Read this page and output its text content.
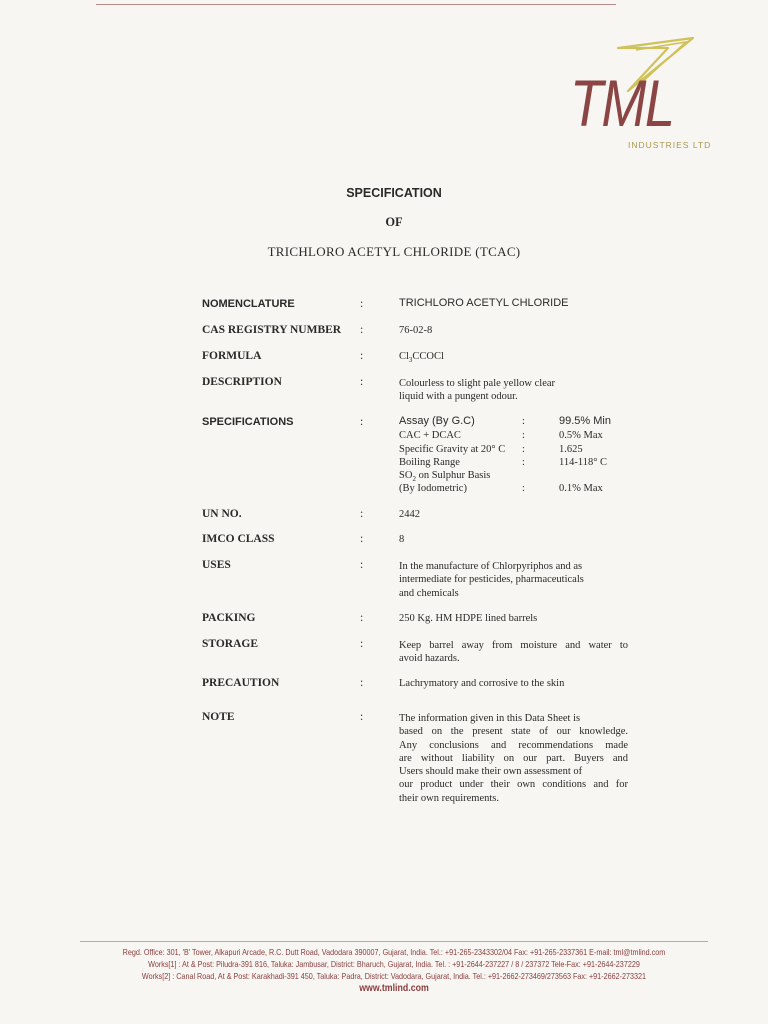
TML
INDUSTRIES LTD
SPECIFICATION
OF
TRICHLORO ACETYL CHLORIDE (TCAC)
NOMENCLATURE	:	TRICHLORO ACETYL CHLORIDE
CAS REGISTRY NUMBER :	76-02-8
FORMULA	:	$Cl_3CCOCl$
DESCRIPTION	:	Colourless to slight pale yellow clear
liquid with a pungent odour.
SPECIFICATIONS	:	Assay (By G.C)	:	99.5% Min
CAC + DCAC	:	0.5% Max
Specific Gravity at 20° C :	1.625
Boiling Range	:	114-118° C
$SO_2$ on Sulphur Basis
(By Iodometric)	:	0.1% Max
UN NO.	:	2442
IMCO CLASS	:	8
USES	:	In the manufacture of Chlorpyriphos and as
intermediate for pesticides, pharmaceuticals
and chemicals
PACKING	:	250 Kg. HM HDPE lined barrels
STORAGE	:	Keep barrel away from moisture and water to
avoid hazards.
PRECAUTION	:	Lachrymatory and corrosive to the skin
NOTE	:	The information given in this Data Sheet is
based on the present state of our knowledge.
Any conclusions and recommendations made
are without liability on our part. Buyers and
Users should make their own assessment of
our product under their own conditions and for
their own requirements.
Regd. Office: 301, 'B' Tower, Alkapuri Arcade, R.C. Dutt Road, Vadodara 390007, Gujarat, India. Tel.: +91-265-2343302/04 Fax: +91-265-2337361 E-mail: tml@tmlind.com
Works[1] : At & Post: Piludra-391 816, Taluka: Jambusar, District: Bharuch, Gujarat, India. Tel. : +91-2644-237227 / 8 / 237372 Tele-Fax: +91-2644-237229
Works[2] : Canal Road, At & Post: Karakhadi-391 450, Taluka: Padra, District: Vadodara, Gujarat, India. Tel.: +91-2662-273469/273563 Fax: +91-2662-273321
www.tmlind.com
